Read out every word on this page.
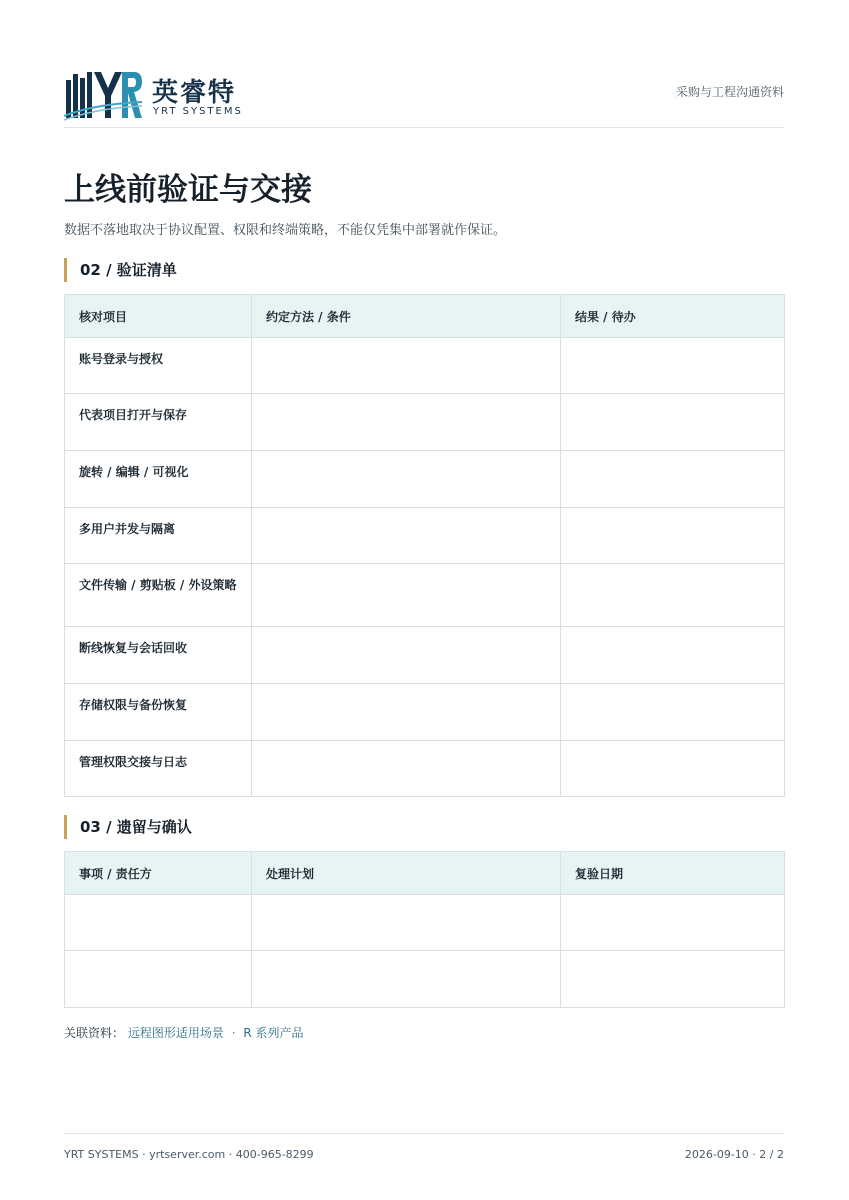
英睿特
YRT SYSTEMS
采购与工程沟通资料
上线前验证与交接
数据不落地取决于协议配置、权限和终端策略，不能仅凭集中部署就作保证。
02 / 验证清单
核对项目	约定方法 / 条件	结果 / 待办
账号登录与授权		
代表项目打开与保存		
旋转 / 编辑 / 可视化		
多用户并发与隔离		
文件传输 / 剪贴板 / 外设策略		
断线恢复与会话回收		
存储权限与备份恢复		
管理权限交接与日志		
03 / 遗留与确认
事项 / 责任方	处理计划	复验日期

关联资料： 远程图形适用场景 · R 系列产品
YRT SYSTEMS · yrtserver.com · 400-965-8299	2026-09-10 · 2 / 2
